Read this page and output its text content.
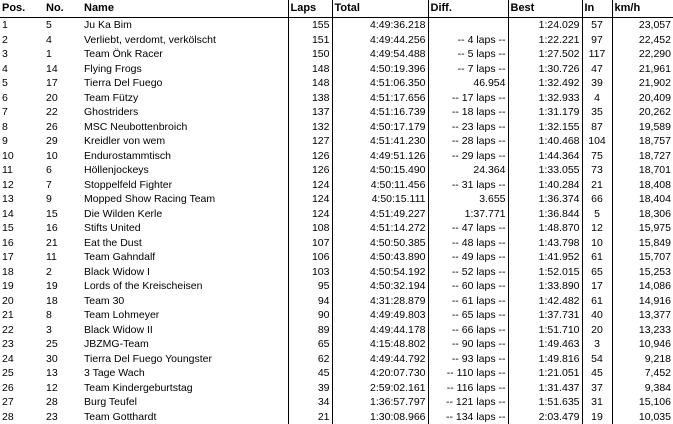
Pos.	No.	Name	Laps	Total	Diff.	Best	In	km/h
1	5	Ju Ka Bim	155	4:49:36.218		1:24.029	57	23,057
2	4	Verliebt, verdomt, verkölscht	151	4:49:44.256	-- 4 laps --	1:22.221	97	22,452
3	1	Team Önk Racer	150	4:49:54.488	-- 5 laps --	1:27.502	117	22,290
4	14	Flying Frogs	148	4:50:19.396	-- 7 laps --	1:30.726	47	21,961
5	17	Tierra Del Fuego	148	4:51:06.350	46.954	1:32.492	39	21,902
6	20	Team Fützy	138	4:51:17.656	-- 17 laps --	1:32.933	4	20,409
7	22	Ghostriders	137	4:51:16.739	-- 18 laps --	1:31.179	35	20,262
8	26	MSC Neubottenbroich	132	4:50:17.179	-- 23 laps --	1:32.155	87	19,589
9	29	Kreidler von wem	127	4:51:41.230	-- 28 laps --	1:40.468	104	18,757
10	10	Endurostammtisch	126	4:49:51.126	-- 29 laps --	1:44.364	75	18,727
11	6	Höllenjockeys	126	4:50:15.490	24.364	1:33.055	73	18,701
12	7	Stoppelfeld Fighter	124	4:50:11.456	-- 31 laps --	1:40.284	21	18,408
13	9	Mopped Show Racing Team	124	4:50:15.111	3.655	1:36.374	66	18,404
14	15	Die Wilden Kerle	124	4:51:49.227	1:37.771	1:36.844	5	18,306
15	16	Stifts United	108	4:51:14.272	-- 47 laps --	1:48.870	12	15,975
16	21	Eat the Dust	107	4:50:50.385	-- 48 laps --	1:43.798	10	15,849
17	11	Team Gahndalf	106	4:50:43.890	-- 49 laps --	1:41.952	61	15,707
18	2	Black Widow I	103	4:50:54.192	-- 52 laps --	1:52.015	65	15,253
19	19	Lords of the Kreischeisen	95	4:50:32.194	-- 60 laps --	1:33.890	17	14,086
20	18	Team 30	94	4:31:28.879	-- 61 laps --	1:42.482	61	14,916
21	8	Team Lohmeyer	90	4:49:49.803	-- 65 laps --	1:37.731	40	13,377
22	3	Black Widow II	89	4:49:44.178	-- 66 laps --	1:51.710	20	13,233
23	25	JBZMG-Team	65	4:15:48.802	-- 90 laps --	1:49.463	3	10,946
24	30	Tierra Del Fuego Youngster	62	4:49:44.792	-- 93 laps --	1:49.816	54	9,218
25	13	3 Tage Wach	45	4:20:07.730	-- 110 laps --	1:21.051	45	7,452
26	12	Team Kindergeburtstag	39	2:59:02.161	-- 116 laps --	1:31.437	37	9,384
27	28	Burg Teufel	34	1:36:57.797	-- 121 laps --	1:51.635	31	15,106
28	23	Team Gotthardt	21	1:30:08.966	-- 134 laps --	2:03.479	19	10,035
